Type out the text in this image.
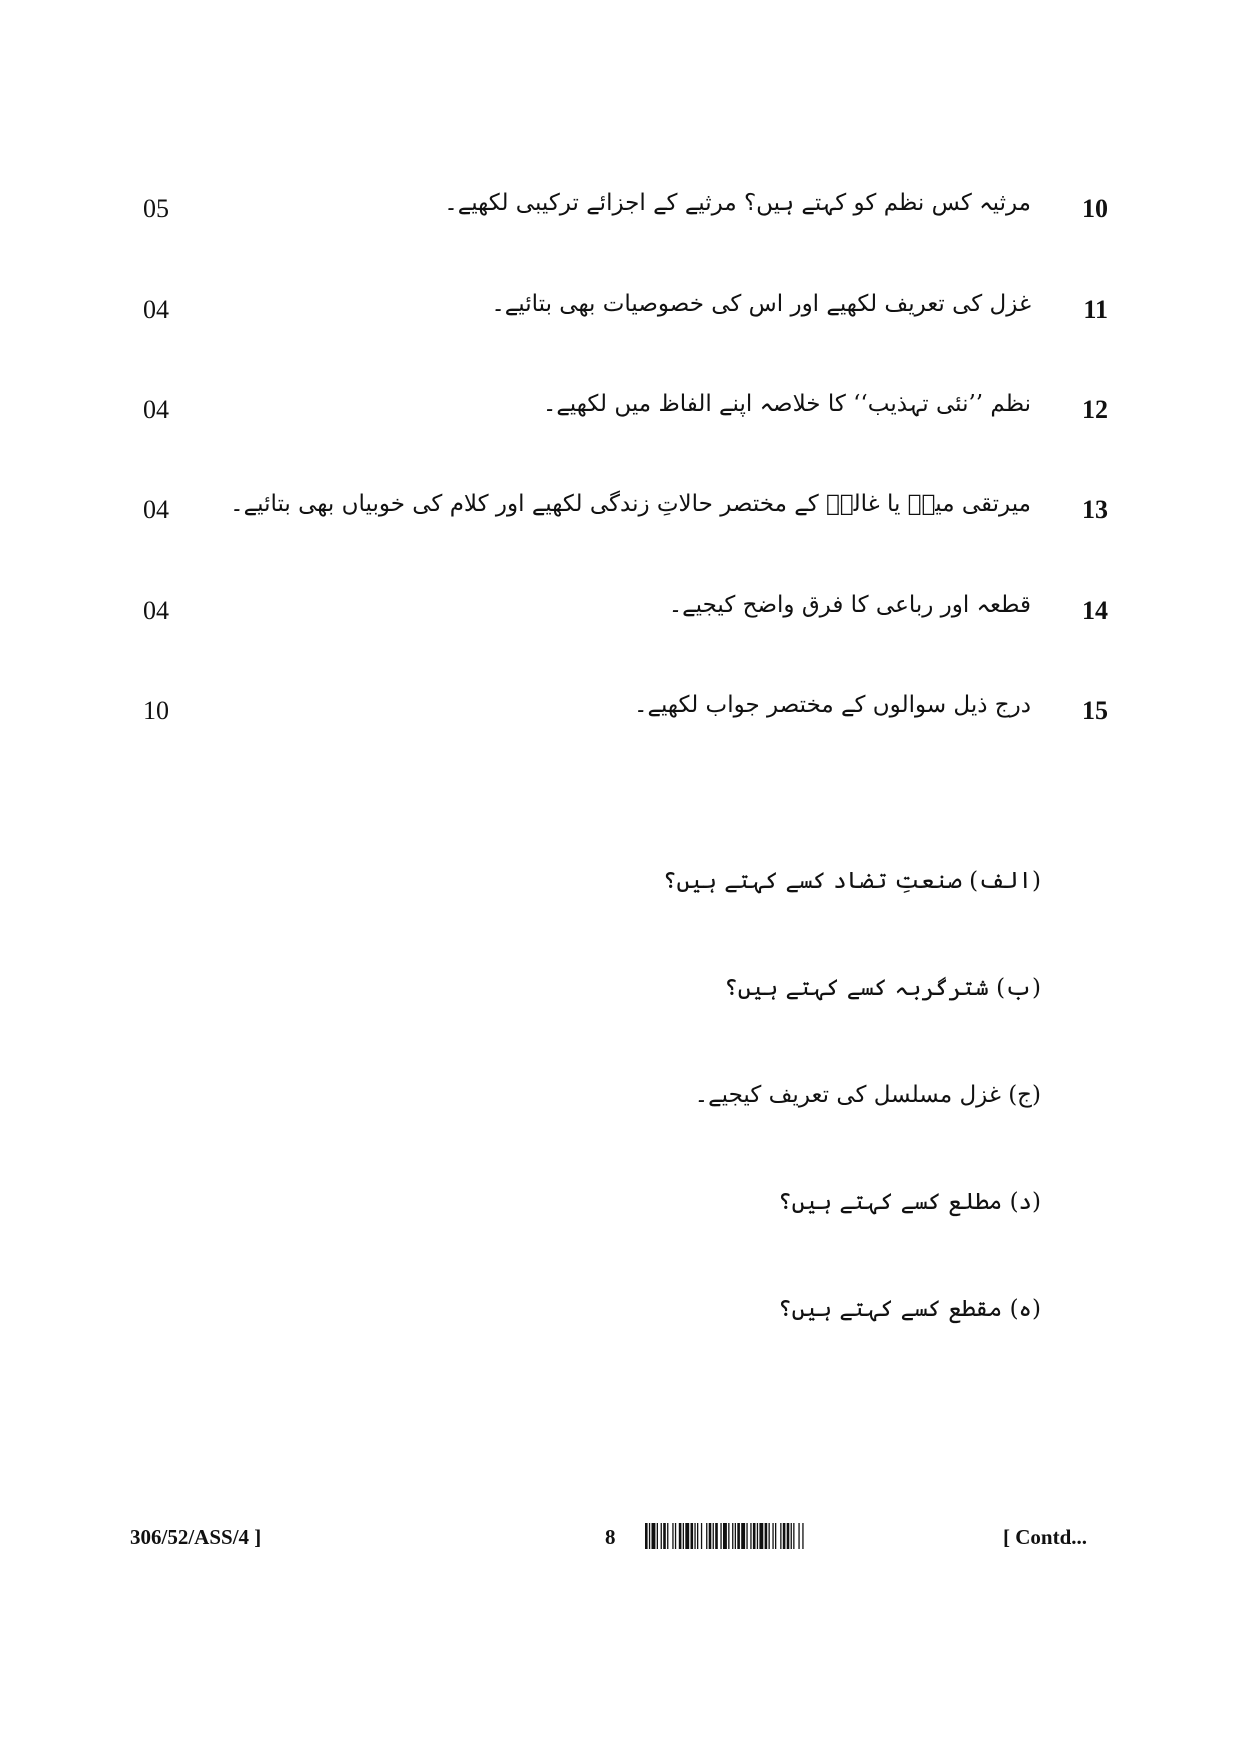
10
مرثیہ کس نظم کو کہتے ہیں؟ مرثیے کے اجزائے ترکیبی لکھیے۔
05
11
غزل کی تعریف لکھیے اور اس کی خصوصیات بھی بتائیے۔
04
12
نظم ’’نئی تہذیب‘‘ کا خلاصہ اپنے الفاظ میں لکھیے۔
04
13
میرتقی میرؔ یا غالبؔ کے مختصر حالاتِ زندگی لکھیے اور کلام کی خوبیاں بھی بتائیے۔
04
14
قطعہ اور رباعی کا فرق واضح کیجیے۔
04
15
درج ذیل سوالوں کے مختصر جواب لکھیے۔
10
(الف) صنعتِ تضاد کسے کہتے ہیں؟
(ب) شترگربہ کسے کہتے ہیں؟
(ج) غزل مسلسل کی تعریف کیجیے۔
(د) مطلع کسے کہتے ہیں؟
(ہ) مقطع کسے کہتے ہیں؟
306/52/ASS/4 ]	8	[ Contd...
